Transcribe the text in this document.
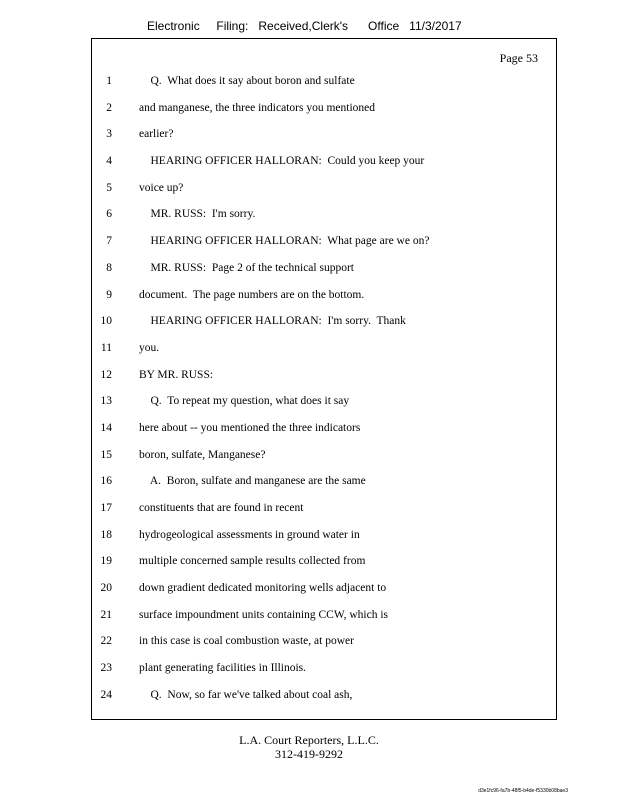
Electronic     Filing:   Received,Clerk's      Office   11/3/2017
Page 53
1 Q.  What does it say about boron and sulfate
2 and manganese, the three indicators you mentioned
3 earlier?
4 HEARING OFFICER HALLORAN:  Could you keep your
5 voice up?
6 MR. RUSS:  I'm sorry.
7 HEARING OFFICER HALLORAN:  What page are we on?
8 MR. RUSS:  Page 2 of the technical support
9 document.  The page numbers are on the bottom.
10 HEARING OFFICER HALLORAN:  I'm sorry.  Thank
11 you.
12 BY MR. RUSS:
13 Q.  To repeat my question, what does it say
14 here about -- you mentioned the three indicators
15 boron, sulfate, Manganese?
16 A.  Boron, sulfate and manganese are the same
17 constituents that are found in recent
18 hydrogeological assessments in ground water in
19 multiple concerned sample results collected from
20 down gradient dedicated monitoring wells adjacent to
21 surface impoundment units containing CCW, which is
22 in this case is coal combustion waste, at power
23 plant generating facilities in Illinois.
24 Q.  Now, so far we've talked about coal ash,
L.A. Court Reporters, L.L.C.
312-419-9292
d3e1fc96-fa7b-48f5-b4de-f5330b08bae3
